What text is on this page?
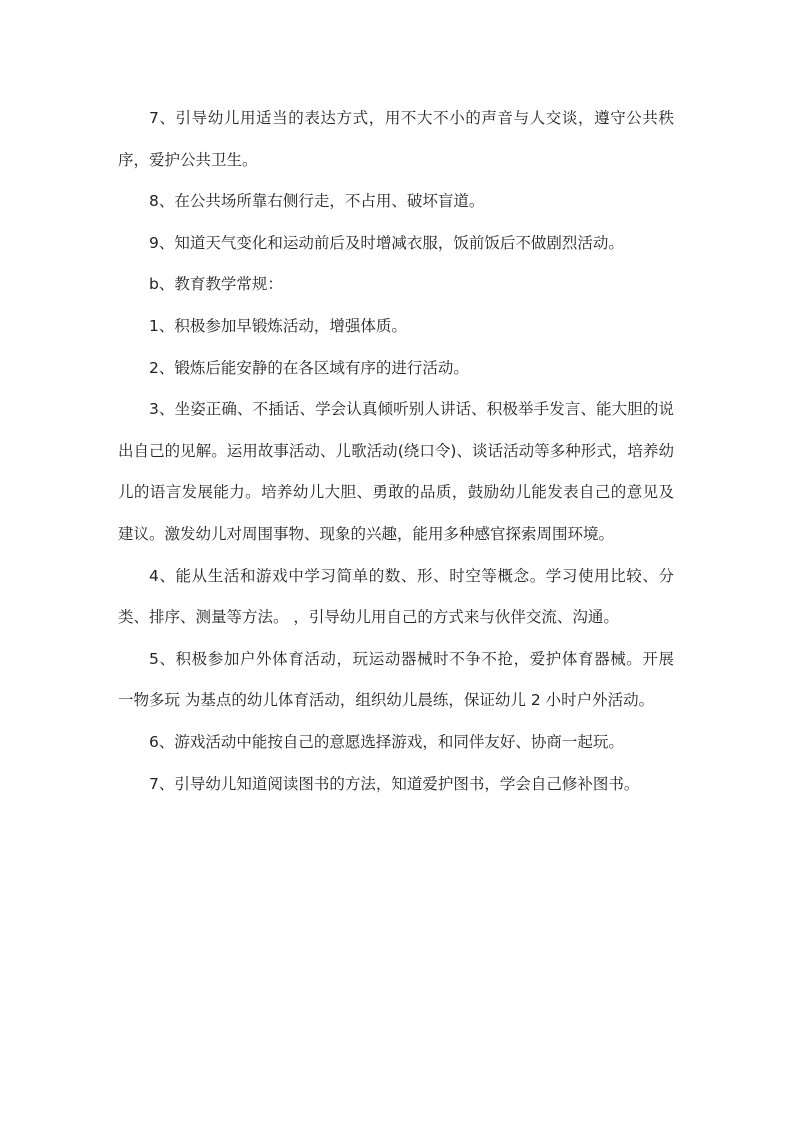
7、引导幼儿用适当的表达方式，用不大不小的声音与人交谈，遵守公共秩序，爱护公共卫生。

8、在公共场所靠右侧行走，不占用、破坏盲道。

9、知道天气变化和运动前后及时增减衣服，饭前饭后不做剧烈活动。

b、教育教学常规：

1、积极参加早锻炼活动，增强体质。

2、锻炼后能安静的在各区域有序的进行活动。

3、坐姿正确、不插话、学会认真倾听别人讲话、积极举手发言、能大胆的说出自己的见解。运用故事活动、儿歌活动(绕口令)、谈话活动等多种形式，培养幼儿的语言发展能力。培养幼儿大胆、勇敢的品质，鼓励幼儿能发表自己的意见及建议。激发幼儿对周围事物、现象的兴趣，能用多种感官探索周围环境。

4、能从生活和游戏中学习简单的数、形、时空等概念。学习使用比较、分类、排序、测量等方法。 ，引导幼儿用自己的方式来与伙伴交流、沟通。

5、积极参加户外体育活动，玩运动器械时不争不抢，爱护体育器械。开展 一物多玩 为基点的幼儿体育活动，组织幼儿晨练，保证幼儿 2 小时户外活动。

6、游戏活动中能按自己的意愿选择游戏，和同伴友好、协商一起玩。

7、引导幼儿知道阅读图书的方法，知道爱护图书，学会自己修补图书。
